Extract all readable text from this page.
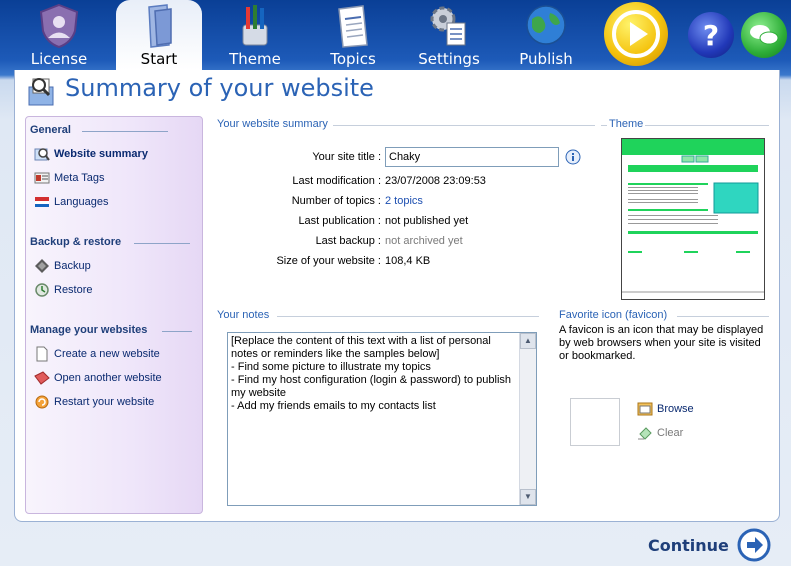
License	Start	Theme	Topics	Settings	Publish
?
Summary of your website
General
Website summary
Meta Tags
Languages
Backup & restore
Backup
Restore
Manage your websites
Create a new website
Open another website
Restart your website
Your website summary
Your site title :
Chaky
Last modification : 23/07/2008 23:09:53
Number of topics : 2 topics
Last publication : not published yet
Last backup : not archived yet
Size of your website : 108,4 KB
Theme
Your notes
[Replace the content of this text with a list of personal notes or reminders like the samples below]
- Find some picture to illustrate my topics
- Find my host configuration (login & password) to publish my website
- Add my friends emails to my contacts list
▲
▼
Favorite icon (favicon)
A favicon is an icon that may be displayed by web browsers when your site is visited or bookmarked.
Browse
Clear
Continue
